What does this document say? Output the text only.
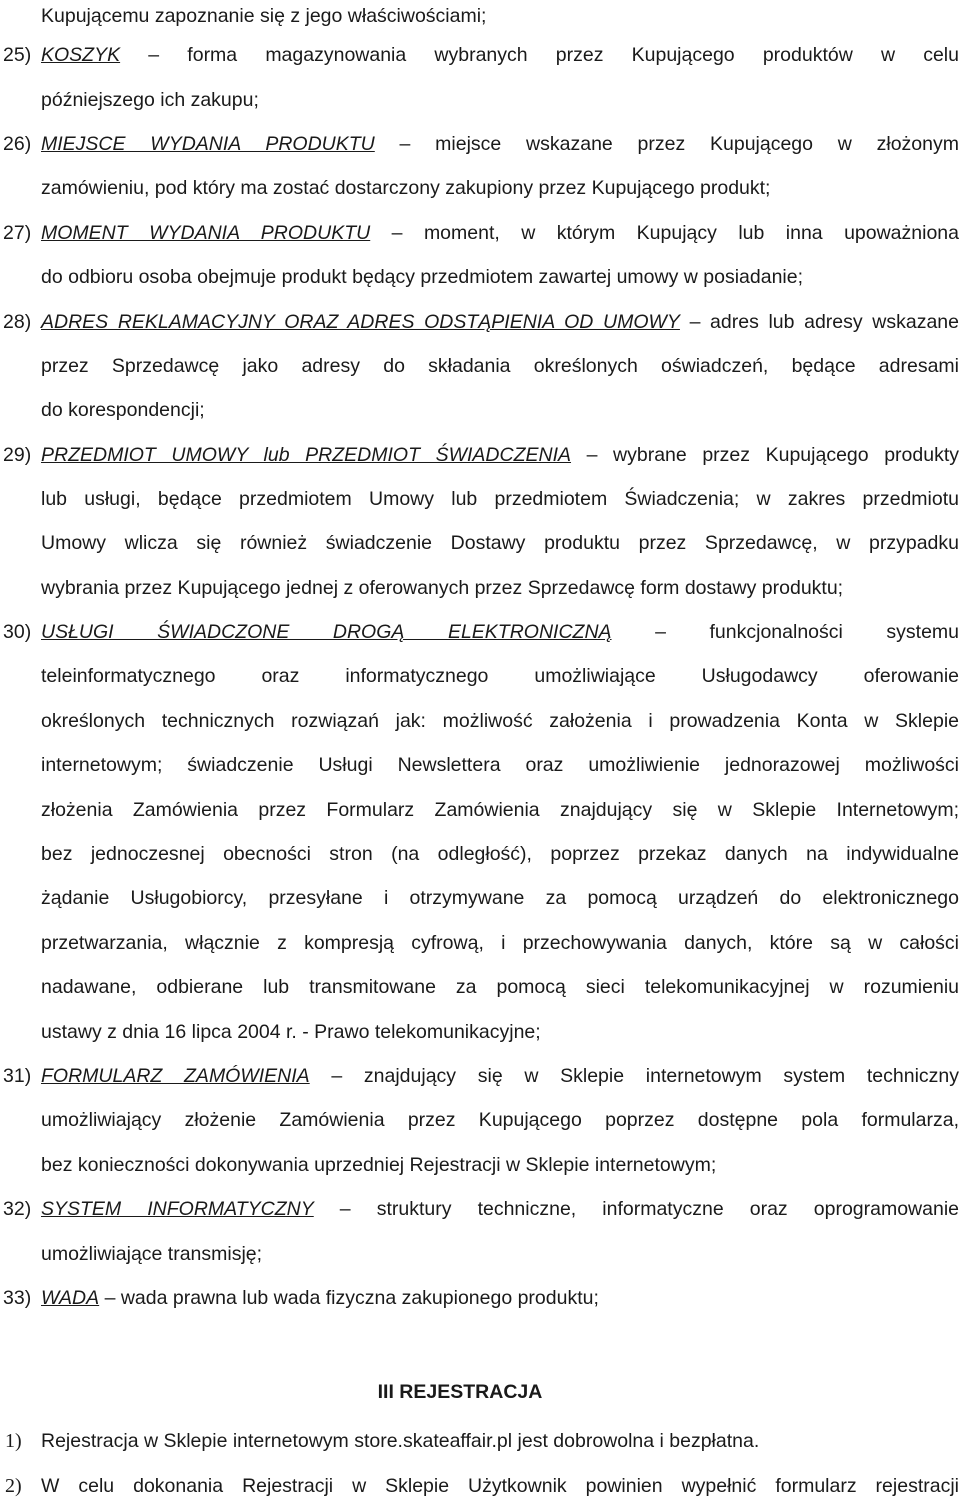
Kupującemu zapoznanie się z jego właściwościami;
25) KOSZYK – forma magazynowania wybranych przez Kupującego produktów w celu
późniejszego ich zakupu;
26) MIEJSCE WYDANIA PRODUKTU – miejsce wskazane przez Kupującego w złożonym
zamówieniu, pod który ma zostać dostarczony zakupiony przez Kupującego produkt;
27) MOMENT WYDANIA PRODUKTU – moment, w którym Kupujący lub inna upoważniona
do odbioru osoba obejmuje produkt będący przedmiotem zawartej umowy w posiadanie;
28) ADRES REKLAMACYJNY ORAZ ADRES ODSTĄPIENIA OD UMOWY – adres lub adresy wskazane
przez Sprzedawcę jako adresy do składania określonych oświadczeń, będące adresami
do korespondencji;
29) PRZEDMIOT UMOWY lub PRZEDMIOT ŚWIADCZENIA – wybrane przez Kupującego produkty
lub usługi, będące przedmiotem Umowy lub przedmiotem Świadczenia; w zakres przedmiotu
Umowy wlicza się również świadczenie Dostawy produktu przez Sprzedawcę, w przypadku
wybrania przez Kupującego jednej z oferowanych przez Sprzedawcę form dostawy produktu;
30) USŁUGI ŚWIADCZONE DROGĄ ELEKTRONICZNĄ – funkcjonalności systemu
teleinformatycznego oraz informatycznego umożliwiające Usługodawcy oferowanie
określonych technicznych rozwiązań jak: możliwość założenia i prowadzenia Konta w Sklepie
internetowym; świadczenie Usługi Newslettera oraz umożliwienie jednorazowej możliwości
złożenia Zamówienia przez Formularz Zamówienia znajdujący się w Sklepie Internetowym;
bez jednoczesnej obecności stron (na odległość), poprzez przekaz danych na indywidualne
żądanie Usługobiorcy, przesyłane i otrzymywane za pomocą urządzeń do elektronicznego
przetwarzania, włącznie z kompresją cyfrową, i przechowywania danych, które są w całości
nadawane, odbierane lub transmitowane za pomocą sieci telekomunikacyjnej w rozumieniu
ustawy z dnia 16 lipca 2004 r. - Prawo telekomunikacyjne;
31) FORMULARZ ZAMÓWIENIA – znajdujący się w Sklepie internetowym system techniczny
umożliwiający złożenie Zamówienia przez Kupującego poprzez dostępne pola formularza,
bez konieczności dokonywania uprzedniej Rejestracji w Sklepie internetowym;
32) SYSTEM INFORMATYCZNY – struktury techniczne, informatyczne oraz oprogramowanie
umożliwiające transmisję;
33) WADA – wada prawna lub wada fizyczna zakupionego produktu;
III REJESTRACJA
1) Rejestracja w Sklepie internetowym store.skateaffair.pl jest dobrowolna i bezpłatna.
2) W celu dokonania Rejestracji w Sklepie Użytkownik powinien wypełnić formularz rejestracji
